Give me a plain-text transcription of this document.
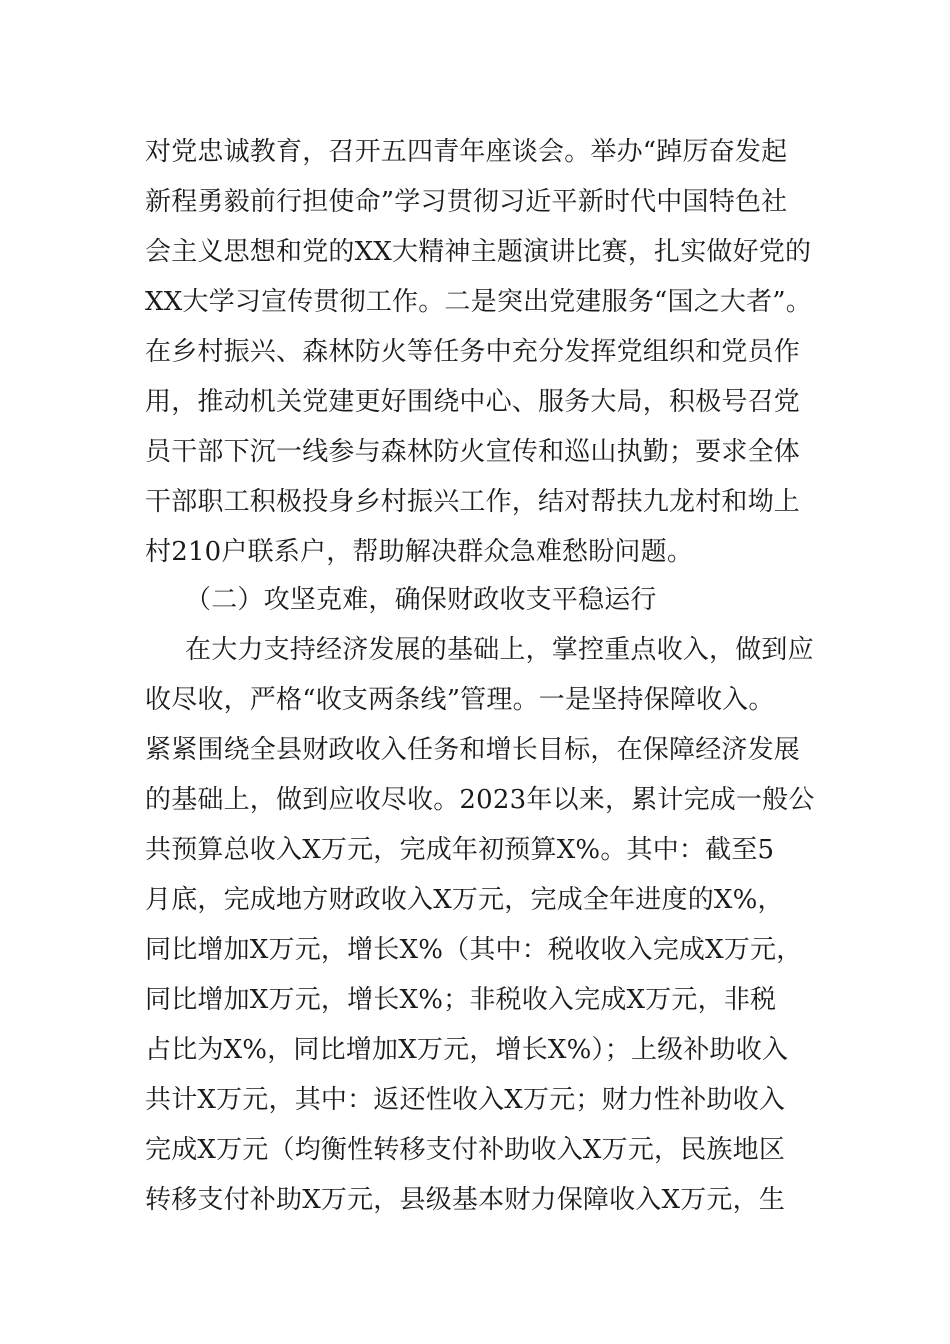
对党忠诚教育，召开五四青年座谈会。举办“踔厉奋发起
新程勇毅前行担使命”学习贯彻习近平新时代中国特色社
会主义思想和党的XX大精神主题演讲比赛，扎实做好党的
XX大学习宣传贯彻工作。二是突出党建服务“国之大者”。
在乡村振兴、森林防火等任务中充分发挥党组织和党员作
用，推动机关党建更好围绕中心、服务大局，积极号召党
员干部下沉一线参与森林防火宣传和巡山执勤；要求全体
干部职工积极投身乡村振兴工作，结对帮扶九龙村和坳上
村210户联系户，帮助解决群众急难愁盼问题。
（二）攻坚克难，确保财政收支平稳运行
在大力支持经济发展的基础上，掌控重点收入，做到应
收尽收，严格“收支两条线”管理。一是坚持保障收入。
紧紧围绕全县财政收入任务和增长目标，在保障经济发展
的基础上，做到应收尽收。2023年以来，累计完成一般公
共预算总收入X万元，完成年初预算X%。其中：截至5
月底，完成地方财政收入X万元，完成全年进度的X%，
同比增加X万元，增长X%（其中：税收收入完成X万元，
同比增加X万元，增长X%；非税收入完成X万元，非税
占比为X%，同比增加X万元，增长X%）；上级补助收入
共计X万元，其中：返还性收入X万元；财力性补助收入
完成X万元（均衡性转移支付补助收入X万元，民族地区
转移支付补助X万元，县级基本财力保障收入X万元，生
